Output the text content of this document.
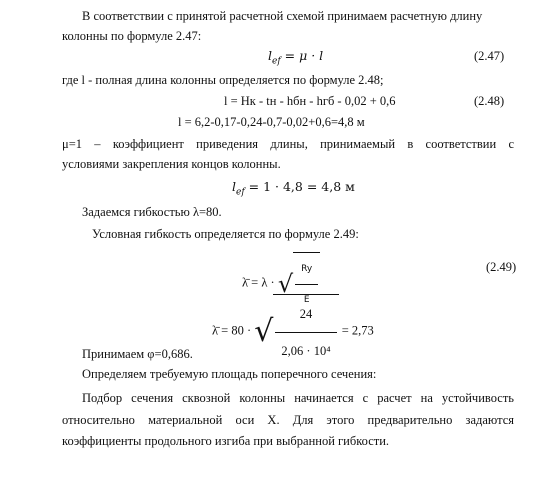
В соответствии с принятой расчетной схемой принимаем расчетную длину
колонны по формуле 2.47:
$l_{ef} = \mu \cdot l$	(2.47)
где l - полная длина колонны определяется по формуле 2.48;
l = Hк - tн - hбн - hгб - 0,02 + 0,6	(2.48)
l = 6,2-0,17-0,24-0,7-0,02+0,6=4,8 м
μ=1 – коэффициент приведения длины, принимаемый в соответствии с
условиями закрепления концов колонны.
$l_{ef} = 1 \cdot 4,8 = 4,8$ м
Задаемся гибкостью λ=80.
Условная гибкость определяется по формуле 2.49:
λ̄ = λ · √ $\frac{Ry}{E}$	(2.49)
λ̄ = 80 · √ $\frac{24}{\text{2,06 · 10⁴}} = 2,73$
Принимаем φ=0,686.
Определяем требуемую площадь поперечного сечения:
Подбор сечения сквозной колонны начинается с расчет на устойчивость
относительно материальной оси X. Для этого предварительно задаются
коэффициенты продольного изгиба при выбранной гибкости.
